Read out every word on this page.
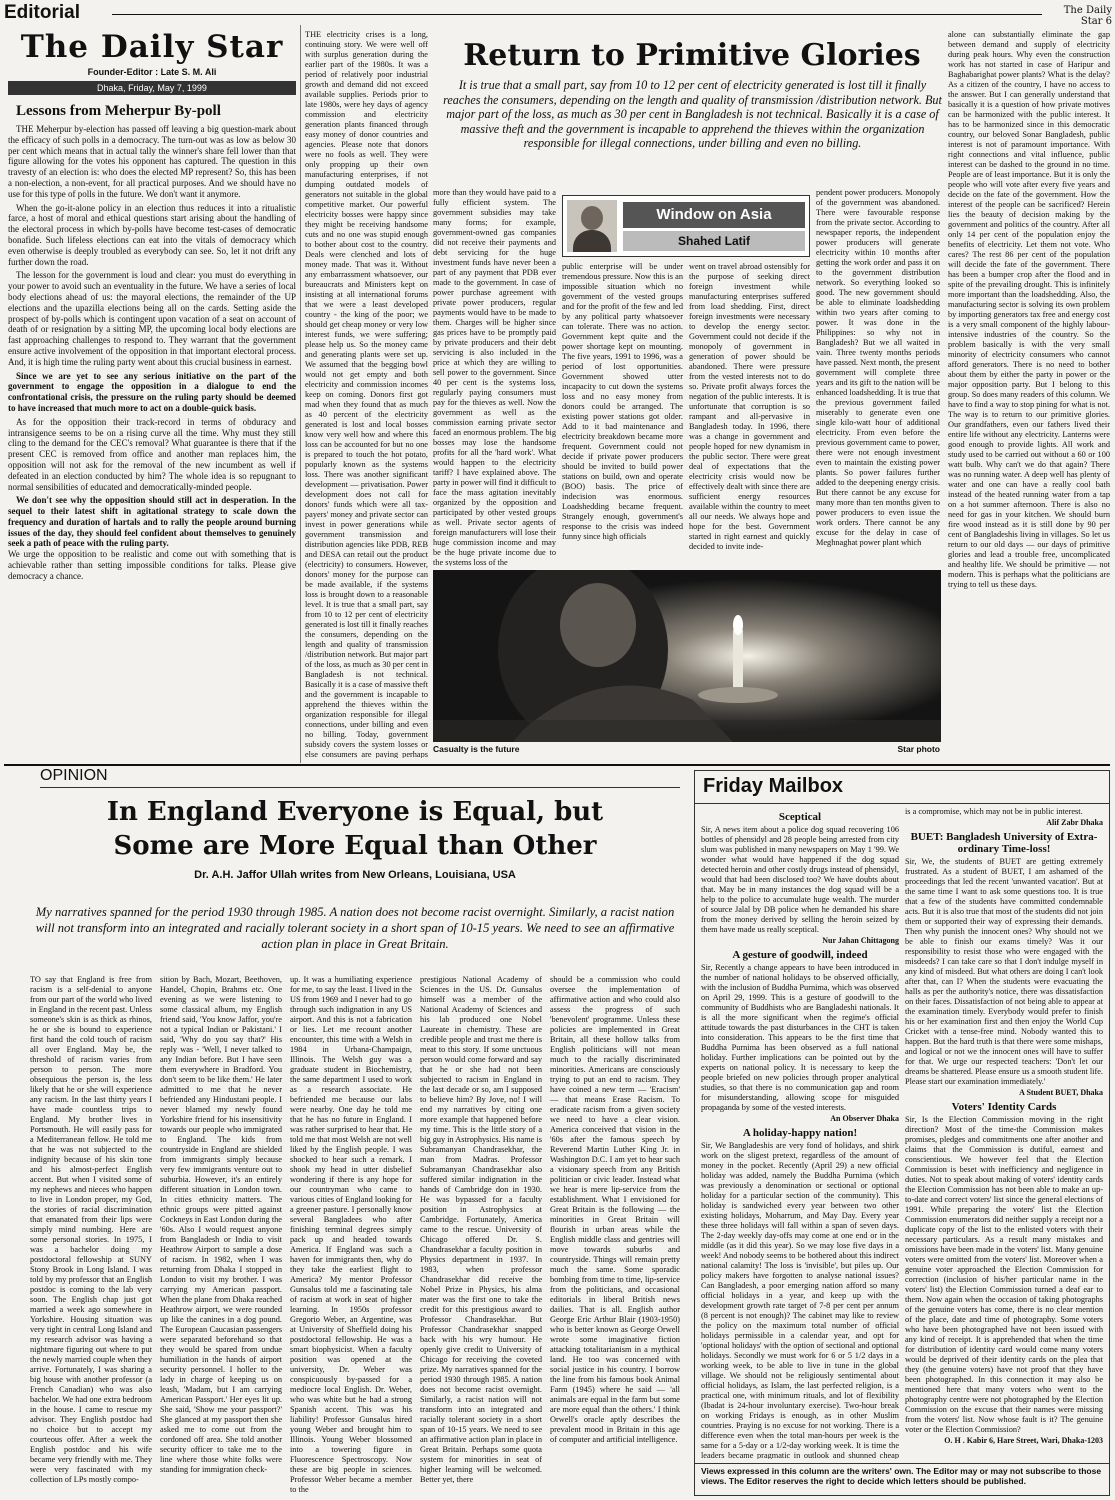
Editorial	The Daily Star 6
The Daily Star
Founder-Editor : Late S. M. Ali
Dhaka, Friday, May 7, 1999
Lessons from Meherpur By-poll

THE Meherpur by-election has passed off leaving a big question-mark about the efficacy of such polls in a democracy. The turn-out was as low as below 30 per cent which means that in actual tally the winner's share fell lower than that figure allowing for the votes his opponent has captured. The question in this travesty of an election is: who does the elected MP represent? So, this has been a non-election, a non-event, for all practical purposes. And we should have no use for this type of polls in the future. We don't want it anymore.

When the go-it-alone policy in an election thus reduces it into a ritualistic farce, a host of moral and ethical questions start arising about the handling of the electoral process in which by-polls have become test-cases of democratic bonafide. Such lifeless elections can eat into the vitals of democracy which even otherwise is deeply troubled as everybody can see. So, let it not drift any further down the road.

The lesson for the government is loud and clear: you must do everything in your power to avoid such an eventuality in the future. We have a series of local body elections ahead of us: the mayoral elections, the remainder of the UP elections and the upazilla elections being all on the cards. Setting aside the prospect of by-polls which is contingent upon vacation of a seat on account of death of or resignation by a sitting MP, the upcoming local body elections are fast approaching challenges to respond to. They warrant that the government ensure active involvement of the opposition in that important electoral process. And, it is high time the ruling party went about this crucial business in earnest.

Since we are yet to see any serious initiative on the part of the government to engage the opposition in a dialogue to end the confrontational crisis, the pressure on the ruling party should be deemed to have increased that much more to act on a double-quick basis.

As for the opposition their track-record in terms of obduracy and intransigence seems to be on a rising curve all the time. Why must they still cling to the demand for the CEC's removal? What guarantee is there that if the present CEC is removed from office and another man replaces him, the opposition will not ask for the removal of the new incumbent as well if defeated in an election conducted by him? The whole idea is so repugnant to normal sensibilities of educated and democratically-minded people.

We don't see why the opposition should still act in desperation. In the sequel to their latest shift in agitational strategy to scale down the frequency and duration of hartals and to rally the people around burning issues of the day, they should feel confident about themselves to genuinely seek a path of peace with the ruling party.

We urge the opposition to be realistic and come out with something that is achievable rather than setting impossible conditions for talks. Please give democracy a chance.

THE electricity crises is a long, continuing story. We were well off with surplus generation during the earlier part of the 1980s. It was a period of relatively poor industrial growth and demand did not exceed available supplies. Periods prior to late 1980s, were hey days of agency commission and electricity generation plants financed through easy money of donor countries and agencies. Please note that donors were no fools as well. They were only propping up their own manufacturing enterprises, if not dumping outdated models of generators not suitable in the global competitive market. Our powerful electricity bosses were happy since they might be receiving handsome cuts and no one was stupid enough to bother about cost to the country. Deals were clenched and lots of money made. That was it. Without any embarrassment whatsoever, our bureaucrats and Ministers kept on insisting at all international forums that we were a least developed country - the king of the poor; we should get cheap money or very low interest funds, we were suffering; please help us. So the money came and generating plants were set up. We assumed that the begging bowl would not get empty and both electricity and commission incomes keep on coming. Donors first got mad when they found that as much as 40 percent of the electricity generated is lost and local bosses know very well how and where this loss can be accounted for but no one is prepared to touch the hot potato, popularly known as the systems loss. There was another significant development — privatisation. Power development does not call for donors' funds which were all tax-payers' money and private sector can invest in power generations while government transmission and distribution agencies like PDB, REB and DESA can retail out the product (electricity) to consumers. However, donors' money for the purpose can be made available, if the systems loss is brought down to a reasonable level. It is true that a small part, say from 10 to 12 per cent of electricity generated is lost till it finally reaches the consumers, depending on the length and quality of transmission /distribution network. But major part of the loss, as much as 30 per cent in Bangladesh is not technical. Basically it is a case of massive theft and the government is incapable to apprehend the thieves within the organization responsible for illegal connections, under billing and even no billing. Today, government subsidy covers the system losses or else consumers are paying perhaps
Return to Primitive Glories
It is true that a small part, say from 10 to 12 per cent of electricity generated is lost till it finally reaches the consumers, depending on the length and quality of transmission /distribution network. But major part of the loss, as much as 30 per cent in Bangladesh is not technical. Basically it is a case of massive theft and the government is incapable to apprehend the thieves within the organization responsible for illegal connections, under billing and even no billing.
more than they would have paid to a fully efficient system. The government subsidies may take many forms; for example, government-owned gas companies did not receive their payments and debt servicing for the huge investment funds have never been a part of any payment that PDB ever made to the government. In case of power purchase agreement with private power producers, regular payments would have to be made to them. Charges will be higher since gas prices have to be promptly paid by private producers and their debt servicing is also included in the price at which they are willing to sell power to the government. Since 40 per cent is the systems loss, regularly paying consumers must pay for the thieves as well. Now the government as well as the commission earning private sector faced an enormous problem. The big bosses may lose the handsome profits for all the 'hard work'. What would happen to the electricity tariff? I have explained above. The party in power will find it difficult to face the mass agitation inevitably organized by the opposition and participated by other vested groups as well. Private sector agents of foreign manufacturers will lose their huge commission income and may be the huge private income due to the systems loss of the
Window on Asia
Shahed Latif
public enterprise will be under tremendous pressure. Now this is an impossible situation which no government of the vested groups and for the profit of the few and led by any political party whatsoever can tolerate. There was no action. Government kept quite and the power shortage kept on mounting. The five years, 1991 to 1996, was a period of lost opportunities. Government showed utter incapacity to cut down the systems loss and no easy money from donors could be arranged. The existing power stations got older. Add to it bad maintenance and electricity breakdown became more frequent. Government could not decide if private power producers should be invited to build power stations on build, own and operate (BOO) basis. The price of indecision was enormous. Loadshedding became frequent. Strangely enough, government's response to the crisis was indeed funny since high officials
went on travel abroad ostensibly for the purpose of seeking direct foreign investment while manufacturing enterprises suffered from load shedding. First, direct foreign investments were necessary to develop the energy sector. Government could not decide if the monopoly of government in generation of power should be abandoned. There were pressure from the vested interests not to do so. Private profit always forces the negation of the public interests. It is unfortunate that corruption is so rampant and all-pervasive in Bangladesh today. In 1996, there was a change in government and people hoped for new dynamism in the public sector. There were great deal of expectations that the electricity crisis would now be effectively dealt with since there are sufficient energy resources available within the country to meet all our needs. We always hope and hope for the best. Government started in right earnest and quickly decided to invite inde-
pendent power producers. Monopoly of the government was abandoned. There were favourable response from the private sector. According to newspaper reports, the independent power producers will generate electricity within 10 months after getting the work order and pass it on to the government distribution network. So everything looked so good. The new government should be able to eliminate loadshedding within two years after coming to power. It was done in the Philippines: so why not in Bangladesh? But we all waited in vain. Three twenty months periods have passed. Next month, the present government will complete three years and its gift to the nation will be enhanced loadshedding. It is true that the previous government failed miserably to generate even one single kilo-watt hour of additional electricity. From even before the previous government came to power, there were not enough investment even to maintain the existing power plants. So power failures further added to the deepening energy crisis. But there cannot be any excuse for many more than ten months given to power producers to even issue the work orders. There cannot be any excuse for the delay in case of Meghnaghat power plant which
alone can substantially eliminate the gap between demand and supply of electricity during peak hours. Why even the construction work has not started in case of Haripur and Baghabarighat power plants? What is the delay? As a citizen of the country, I have no access to the answer. But I can generally understand that basically it is a question of how private motives can be harmonized with the public interest. It has to be harmonized since in this democratic country, our beloved Sonar Bangladesh, public interest is not of paramount importance. With right connections and vital influence, public interest can be dashed to the ground in no time. People are of least importance. But it is only the people who will vote after every five years and decide on the fate of the government. How the interest of the people can be sacrificed? Herein lies the beauty of decision making by the government and politics of the country. After all only 14 per cent of the population enjoy the benefits of electricity. Let them not vote. Who cares? The rest 86 per cent of the population will decide the fate of the government. There has been a bumper crop after the flood and in spite of the prevailing drought. This is infinitely more important than the loadshedding. Also, the manufacturing sector is solving its own problem by importing generators tax free and energy cost is a very small component of the highly labour-intensive industries of the country. So the problem basically is with the very small minority of electricity consumers who cannot afford generators. There is no need to bother about them by either the party in power or the major opposition party. But I belong to this group. So does many readers of this column. We have to find a way to stop pining for what is not. The way is to return to our primitive glories. Our grandfathers, even our fathers lived their entire life without any electricity. Lanterns were good enough to provide lights. All work and study used to be carried out without a 60 or 100 watt bulb. Why can't we do that again? There was no running water. A deep well has plenty of water and one can have a really cool bath instead of the heated running water from a tap on a hot summer afternoon. There is also no need for gas in your kitchen. We should burn fire wood instead as it is still done by 90 per cent of Bangladeshis living in villages. So let us return to our old days — our days of primitive glories and lead a trouble free, uncomplicated and healthy life. We should be primitive — not modern. This is perhaps what the politicians are trying to tell us these days.
Casualty is the future	Star photo
OPINION
In England Everyone is Equal, but
Some are More Equal than Other
Dr. A.H. Jaffor Ullah writes from New Orleans, Louisiana, USA
My narratives spanned for the period 1930 through 1985. A nation does not become racist overnight. Similarly, a racist nation will not transform into an integrated and racially tolerant society in a short span of 10-15 years. We need to see an affirmative action plan in place in Great Britain.
TO say that England is free from racism is a self-denial to anyone from our part of the world who lived in England in the recent past. Unless someone's skin is as thick as rhinos, he or she is bound to experience first hand the cold touch of racism all over England. May be, the threshold of racism varies from person to person. The more obsequious the person is, the less likely that he or she will experience any racism. In the last thirty years I have made countless trips to England. My brother lives in Portsmouth. He will easily pass for a Mediterranean fellow. He told me that he was not subjected to the indignity because of his skin tone and his almost-perfect English accent. But when I visited some of my nephews and nieces who happen to live in London proper, my God, the stories of racial discrimination that emanated from their lips were simply mind numbing. Here are some personal stories. In 1975, I was a bachelor doing my postdoctoral fellowship at SUNY Stony Brook in Long Island. I was told by my professor that an English postdoc is coming to the lab very soon. The English chap just got married a week ago somewhere in Yorkshire. Housing situation was very tight in central Long Island and my research advisor was having a nightmare figuring out where to put the newly married couple when they arrive. Fortunately, I was sharing a big house with another professor (a French Canadian) who was also bachelor. We had one extra bedroom in the house. I came to rescue my advisor. They English postdoc had no choice but to accept my courteous offer. After a week the English postdoc and his wife became very friendly with me. They were very fascinated with my collection of LPs mostly compo-
sition by Bach, Mozart, Beethoven, Handel, Chopin, Brahms etc. One evening as we were listening to some classical album, my English friend said, 'You know Jaffor, you're not a typical Indian or Pakistani.' I said, 'Why do you say that?' His reply was - 'Well, I never talked to any Indian before. But I have seen them everywhere in Bradford. You don't seem to be like them.' He later admitted to me that he never befriended any Hindustani people. I never blamed my newly found Yorkshire friend for his insensitivity towards our people who immigrated to England. The kids from countryside in England are shielded from immigrants simply because very few immigrants venture out to suburbia. However, it's an entirely different situation in London town. In cities ethnicity matters. The ethnic groups were pitted against Cockneys in East London during the '60s. Also I would request anyone from Bangladesh or India to visit Heathrow Airport to sample a dose of racism. In 1982, when I was returning from Dhaka I stopped in London to visit my brother. I was carrying my American passport. When the plane from Dhaka reached Heathrow airport, we were rounded up like the canines in a dog pound. The European Caucasian passengers were separated beforehand so that they would be spared from undue humiliation in the hands of airport security personnel. I holler to the lady in charge of keeping us on leash, 'Madam, but I am carrying American Passport.' Her eyes lit up. She said, 'Show me your passport?' She glanced at my passport then she asked me to come out from the cordoned off area. She told another security officer to take me to the line where those white folks were standing for immigration check-
up. It was a humiliating experience for me, to say the least. I lived in the US from 1969 and I never had to go through such indignation in any US airport. And this is not a fabrication or lies. Let me recount another encounter, this time with a Welsh in 1984 in Urbana-Champaign, Illinois. The Welsh guy was a graduate student in Biochemistry, the same department I used to work as a research associate. He befriended me because our labs were nearby. One day he told me that he has no future in England. I was rather surprised to hear that. He told me that most Welsh are not well liked by the English people. I was shocked to hear such a remark. I shook my head in utter disbelief wondering if there is any hope for our countryman who came to various cities of England looking for a greener pasture. I personally know several Bangladees who after finishing terminal degrees simply pack up and headed towards America. If England was such a haven for immigrants then, why do they take the earliest flight to America? My mentor Professor Gunsalus told me a fascinating tale of racism at work in seat of higher learning. In 1950s professor Gregorio Weber, an Argentine, was at University of Sheffield doing his postdoctoral fellowship. He was a smart biophysicist. When a faculty position was opened at the university, Dr. Weber was conspicuously by-passed for a mediocre local English. Dr. Weber, who was white but he had a strong Spanish accent. This was his liability! Professor Gunsalus hired young Weber and brought him to Illinois. Young Weber blossomed into a towering figure in Fluorescence Spectroscopy. Now these are big people in sciences. Professor Weber became a member to the
prestigious National Academy of Sciences in the US. Dr. Gunsalus himself was a member of the National Academy of Sciences and his lab produced one Nobel Laureate in chemistry. These are credible people and trust me there is meat to this story. If some unctuous person would come forward and say that he or she had not been subjected to racism in England in the last decade or so, am I supposed to believe him? By Jove, no! I will end my narratives by citing one more example that happened before my time. This is the little story of a big guy in Astrophysics. His name is Subramanyan Chandrasekhar, the man from Madras. Professor Subramanyan Chandrasekhar also suffered similar indignation in the hands of Cambridge don in 1930. He was bypassed for a faculty position in Astrophysics at Cambridge. Fortunately, America came to the rescue. University of Chicago offered Dr. S. Chandrasekhar a faculty position in Physics department in 1937. In 1983, when professor Chandrasekhar did receive the Nobel Prize in Physics, his alma mater was the first one to take the credit for this prestigious award to Professor Chandrasekhar. But Professor Chandrasekhar snapped back with his wry humour. He openly give credit to University of Chicago for receiving the coveted prize. My narratives spanned for the period 1930 through 1985. A nation does not become racist overnight. Similarly, a racist nation will not transform into an integrated and racially tolerant society in a short span of 10-15 years. We need to see an affirmative action plan in place in Great Britain. Perhaps some quota system for minorities in seat of higher learning will be welcomed. Better yet, there
should be a commission who could oversee the implementation of affirmative action and who could also assess the progress of such 'benevolent' programme. Unless these policies are implemented in Great Britain, all these hollow talks from English politicians will not mean much to the racially discriminated minorities. Americans are consciously trying to put an end to racism. They have coined a new term — 'Eracism' — that means Erase Racism. To eradicate racism from a given society we need to have a clear vision. America conceived that vision in the '60s after the famous speech by Reverend Martin Luther King Jr. in Washington D.C. I am yet to hear such a visionary speech from any British politician or civic leader. Instead what we hear is mere lip-service from the establishment. What I envisioned for Great Britain is the following — the minorities in Great Britain will flourish in urban areas while the English middle class and gentries will move towards suburbs and countryside. Things will remain pretty much the same. Some sporadic bombing from time to time, lip-service from the politicians, and occasional editorials in liberal British news dailies. That is all. English author George Eric Arthur Blair (1903-1950) who is better known as George Orwell wrote some imaginative fiction attacking totalitarianism in a mythical land. He too was concerned with social justice in his country. I borrow the line from his famous book Animal Farm (1945) where he said — 'all animals are equal in the farm but some are more equal than the others.' I think Orwell's oracle aptly describes the prevalent mood in Britain in this age of computer and artificial intelligence.
Friday Mailbox
Sceptical
Sir, A news item about a police dog squad recovering 106 bottles of phensidyl and 28 people being arrested from city slum was published in many newspapers on May 1 '99. We wonder what would have happened if the dog squad detected heroin and other costly drugs instead of phensidyl, would that had been disclosed too? We have doubts about that. May be in many instances the dog squad will be a help to the police to accumulate huge wealth. The murder of source Jalal by DB police when he demanded his share from the money derived by selling the heroin seized by them have made us really sceptical.
Nur Jahan Chittagong
A gesture of goodwill, indeed
Sir, Recently a change appears to have been introduced in the number of national holidays to be observed officially, with the inclusion of Buddha Purnima, which was observed on April 29, 1999. This is a gesture of goodwill to the community of Buddhists who are Bangladeshi nationals. It is all the more significant when the regime's official attitude towards the past disturbances in the CHT is taken into consideration. This appears to be the first time that Buddha Purnima has been observed as a full national holiday. Further implications can be pointed out by the experts on national policy. It is necessary to keep the people briefed on new policies through proper analytical studies, so that there is no communication gap and room for misunderstanding, allowing scope for misguided propaganda by some of the vested interests.
An Observer Dhaka
A holiday-happy nation!
Sir, We Bangladeshis are very fond of holidays, and shirk work on the sligest pretext, regardless of the amount of money in the pocket. Recently (April 29) a new official holiday was added, namely the Buddha Purnima (which was previously a denomination or sectional or optional holiday for a particular section of the community). This holiday is sandwiched every year between two other existing holidays, Moharrum, and May Day. Every year these three holidays will fall within a span of seven days. The 2-day weekly day-offs may come at one end or in the middle (as it did this year). So we may lose five days in a week! And nobody seems to be bothered about this indirect national calamity! The loss is 'invisible', but piles up. Our policy makers have forgotten to analyse national issues? Can Bangladesh, a poor emerging nation afford so many official holidays in a year, and keep up with the development growth rate target of 7-8 per cent per annum (8 percent is not enough)? The cabinet may like to review the policy on the maximum total number of official holidays permissible in a calendar year, and opt for 'optional holidays' with the option of sectional and optional holidays. Secondly we must work for 6 or 5 1/2 days in a working week, to be able to live in tune in the global village. We should not be religiously sentimental about official holidays, as Islam, the last perfected religion, is a practical one, with minimum rituals, and lot of flexibility (Ibadat is 24-hour involuntary exercise). Two-hour break on working Fridays is enough, as in other Muslim countries. Praying is no excuse for not working. There is a difference even when the total man-hours per week is the same for a 5-day or a 1/2-day working week. It is time the leaders became pragmatic in outlook and shunned cheap
is a compromise, which may not be in public interest.
Alif Zabr Dhaka
BUET: Bangladesh University of Extra-ordinary Time-loss!
Sir, We, the students of BUET are getting extremely frustrated. As a student of BUET, I am ashamed of the proceedings that led the recent 'unwanted vacation'. But at the same time I want to ask some questions too. It is true that a few of the students have committed condemnable acts. But it is also true that most of the students did not join them or supported their way of expressing their demands. Then why punish the innocent ones? Why should not we be able to finish our exams timely? Was it our responsibility to resist those who were engaged with the misdeeds? I can take care so that I don't indulge myself in any kind of misdeed. But what others are doing I can't look after that, can I? When the students were evacuating the halls as per the authority's notice, there was dissatisfaction on their faces. Dissatisfaction of not being able to appear at the examination timely. Everybody would prefer to finish his or her examination first and then enjoy the World Cup Cricket with a tense-free mind. Nobody wanted this to happen. But the hard truth is that there were some mishaps, and logical or not we the innocent ones will have to suffer for that. We urge our respected teachers: 'Don't let our dreams be shattered. Please ensure us a smooth student life. Please start our examination immediately.'
A Student BUET, Dhaka
Voters' Identity Cards
Sir, Is the Election Commission moving in the right direction? Most of the time-the Commission makes promises, pledges and commitments one after another and claims that the Commission is dutiful, earnest and conscientious. We however feel that the Election Commission is beset with inefficiency and negligence in duties. Not to speak about making of voters' identity cards the Election Commission has not been able to make an up-to-date and correct voters' list since the general elections of 1991. While preparing the voters' list the Election Commission enumerators did neither supply a receipt nor a duplicate copy of the list to the enlisted voters with their necessary particulars. As a result many mistakes and omissions have been made in the voters' list. Many genuine voters were omitted from the voters' list. Moreover when a genuine voter approached the Election Commission for correction (inclusion of his/her particular name in the voters' list) the Election Commission turned a deaf ear to them. Now again when the occasion of taking photographs of the genuine voters has come, there is no clear mention of the place, date and time of photography. Some voters who have been photographed have not been issued with any kind of receipt. It is apprehended that when the time for distribution of identity card would come many voters would be deprived of their identity cards on the plea that they (the genuine voters) have not proof that they have been photographed. In this connection it may also be mentioned here that many voters who went to the photography centre were not photographed by the Election Commission on the excuse that their names were missing from the voters' list. Now whose fault is it? The genuine voter or the Election Commission?
O. H . Kabir 6, Hare Street, Wari, Dhaka-1203
Views expressed in this column are the writers' own. The Editor may or may not subscribe to those views. The Editor reserves the right to decide which letters should be published.
